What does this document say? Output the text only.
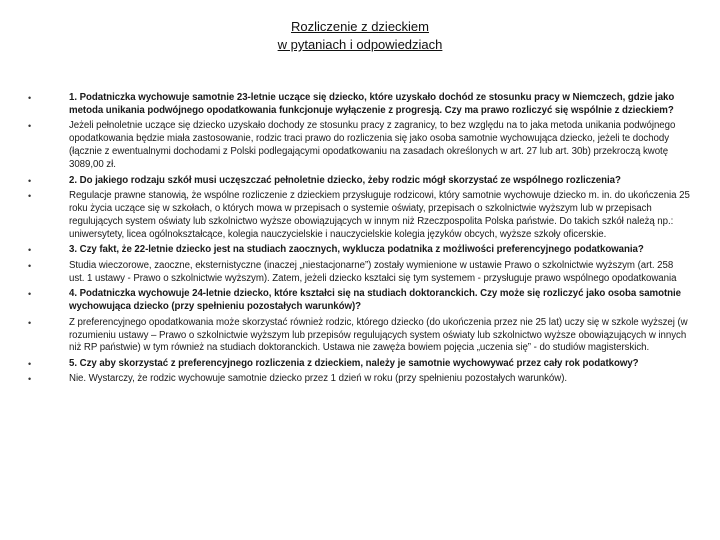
Rozliczenie z dzieckiem
w pytaniach i odpowiedziach
•	1. Podatniczka wychowuje samotnie 23-letnie uczące się dziecko, które uzyskało dochód ze stosunku pracy w Niemczech, gdzie jako metoda unikania podwójnego opodatkowania funkcjonuje wyłączenie z progresją. Czy ma prawo rozliczyć się wspólnie z dzieckiem?
•	Jeżeli pełnoletnie uczące się dziecko uzyskało dochody ze stosunku pracy z zagranicy, to bez względu na to jaka metoda unikania podwójnego opodatkowania będzie miała zastosowanie, rodzic traci prawo do rozliczenia się jako osoba samotnie wychowująca dziecko, jeżeli te dochody (łącznie z ewentualnymi dochodami z Polski podlegającymi opodatkowaniu na zasadach określonych w art. 27 lub art. 30b) przekroczą kwotę 3089,00 zł.
•	2. Do jakiego rodzaju szkół musi uczęszczać pełnoletnie dziecko, żeby rodzic mógł skorzystać ze wspólnego rozliczenia?
•	Regulacje prawne stanowią, że wspólne rozliczenie z dzieckiem przysługuje rodzicowi, który samotnie wychowuje dziecko m. in. do ukończenia 25 roku życia uczące się w szkołach, o których mowa w przepisach o systemie oświaty, przepisach o szkolnictwie wyższym lub w przepisach regulujących system oświaty lub szkolnictwo wyższe obowiązujących w innym niż Rzeczpospolita Polska państwie. Do takich szkół należą np.: uniwersytety, licea ogólnokształcące, kolegia nauczycielskie i nauczycielskie kolegia języków obcych, wyższe szkoły oficerskie.
•	3. Czy fakt, że 22-letnie dziecko jest na studiach zaocznych, wyklucza podatnika z możliwości preferencyjnego podatkowania?
•	Studia wieczorowe, zaoczne, eksternistyczne (inaczej „niestacjonarne”) zostały wymienione w ustawie Prawo o szkolnictwie wyższym (art. 258 ust. 1 ustawy - Prawo o szkolnictwie wyższym). Zatem, jeżeli dziecko kształci się tym systemem - przysługuje prawo wspólnego opodatkowania
•	4. Podatniczka wychowuje 24-letnie dziecko, które kształci się na studiach doktoranckich. Czy może się rozliczyć jako osoba samotnie wychowująca dziecko (przy spełnieniu pozostałych warunków)?
•	Z preferencyjnego opodatkowania może skorzystać również rodzic, którego dziecko (do ukończenia przez nie 25 lat) uczy się w szkole wyższej (w rozumieniu ustawy – Prawo o szkolnictwie wyższym lub przepisów regulujących system oświaty lub szkolnictwo wyższe obowiązujących w innych niż RP państwie) w tym również na studiach doktoranckich. Ustawa nie zawęża bowiem pojęcia „uczenia się” - do studiów magisterskich.
•	5. Czy aby skorzystać z preferencyjnego rozliczenia z dzieckiem, należy je samotnie wychowywać przez cały rok podatkowy?
•	Nie. Wystarczy, że rodzic wychowuje samotnie dziecko przez 1 dzień w roku (przy spełnieniu pozostałych warunków).
